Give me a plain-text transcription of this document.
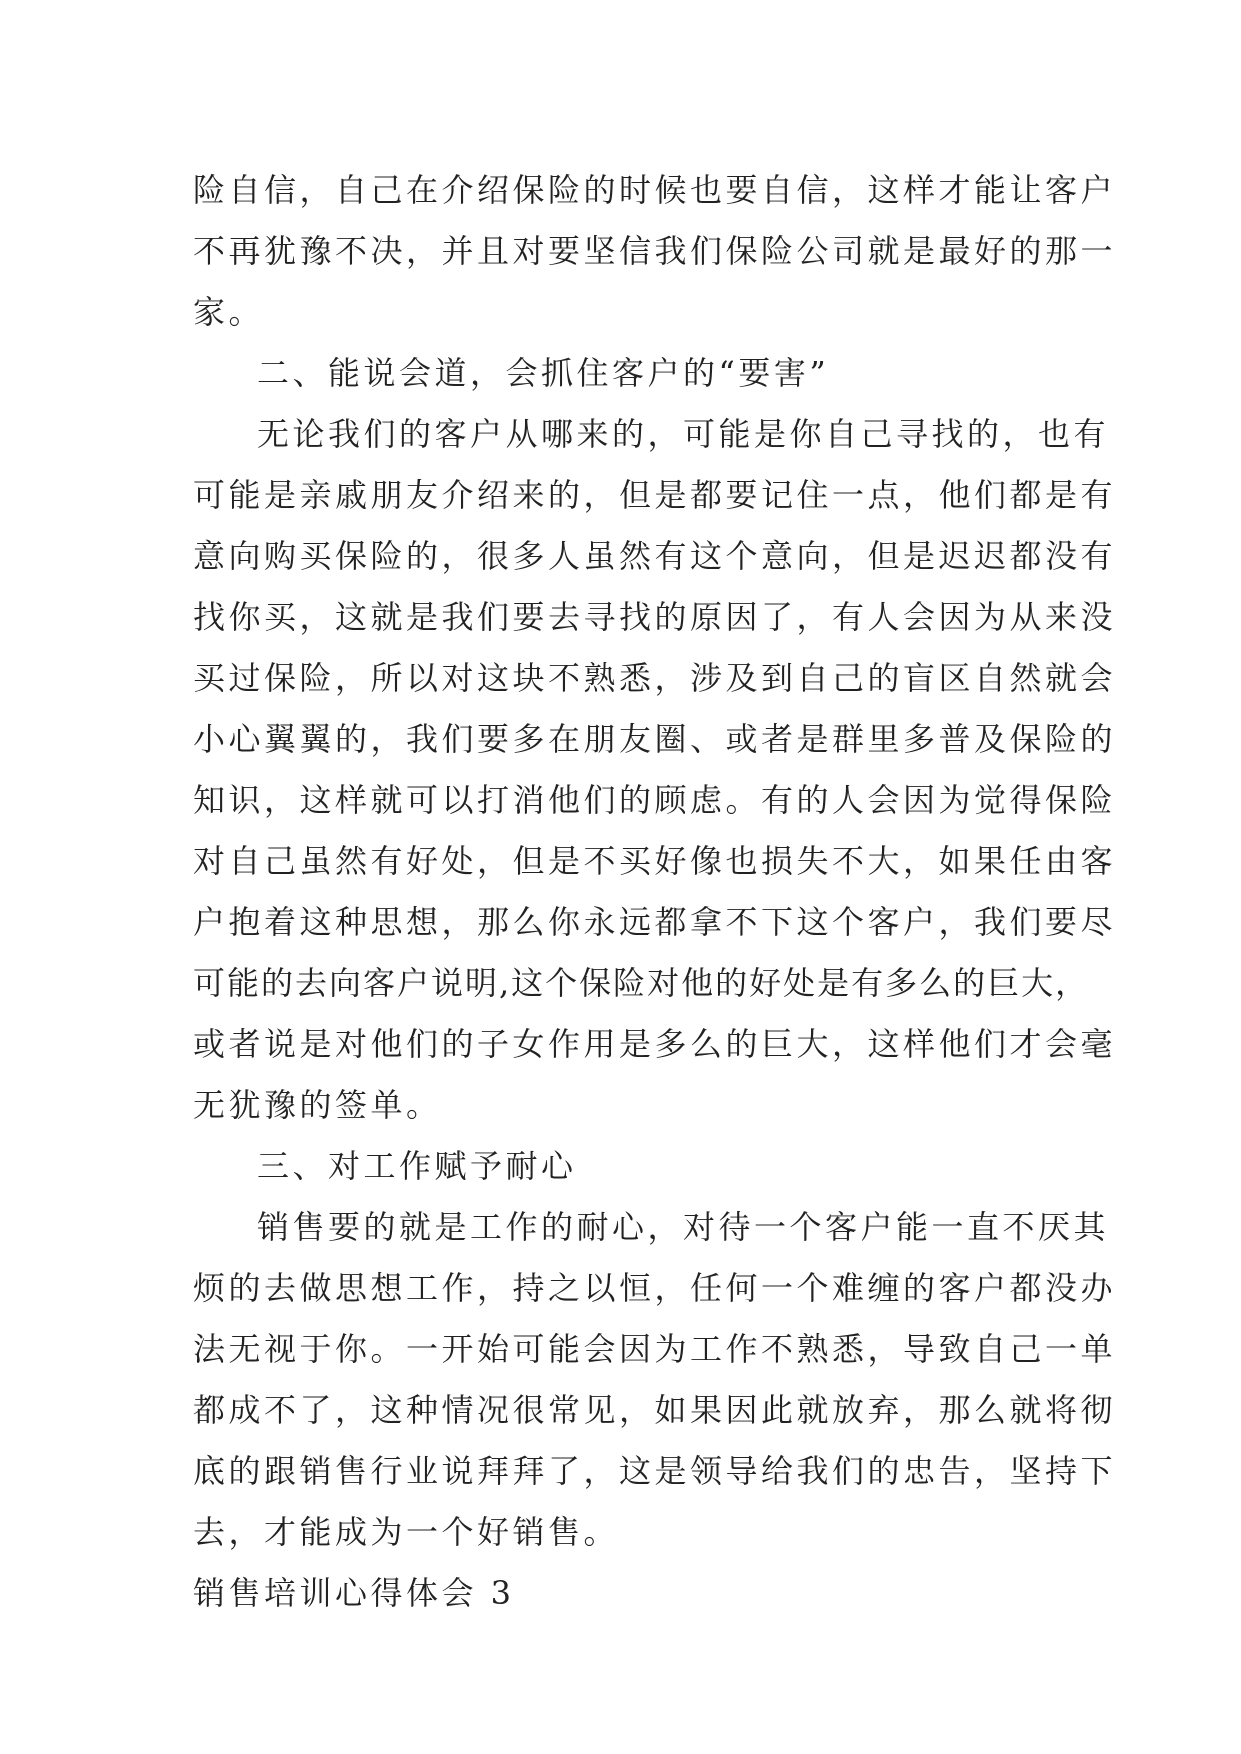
险自信，自己在介绍保险的时候也要自信，这样才能让客户
不再犹豫不决，并且对要坚信我们保险公司就是最好的那一
家。
二、能说会道，会抓住客户的“要害”
无论我们的客户从哪来的，可能是你自己寻找的，也有
可能是亲戚朋友介绍来的，但是都要记住一点，他们都是有
意向购买保险的，很多人虽然有这个意向，但是迟迟都没有
找你买，这就是我们要去寻找的原因了，有人会因为从来没
买过保险，所以对这块不熟悉，涉及到自己的盲区自然就会
小心翼翼的，我们要多在朋友圈、或者是群里多普及保险的
知识，这样就可以打消他们的顾虑。有的人会因为觉得保险
对自己虽然有好处，但是不买好像也损失不大，如果任由客
户抱着这种思想，那么你永远都拿不下这个客户，我们要尽
可能的去向客户说明,这个保险对他的好处是有多么的巨大，
或者说是对他们的子女作用是多么的巨大，这样他们才会毫
无犹豫的签单。
三、对工作赋予耐心
销售要的就是工作的耐心，对待一个客户能一直不厌其
烦的去做思想工作，持之以恒，任何一个难缠的客户都没办
法无视于你。一开始可能会因为工作不熟悉，导致自己一单
都成不了，这种情况很常见，如果因此就放弃，那么就将彻
底的跟销售行业说拜拜了，这是领导给我们的忠告，坚持下
去，才能成为一个好销售。
销售培训心得体会 3
